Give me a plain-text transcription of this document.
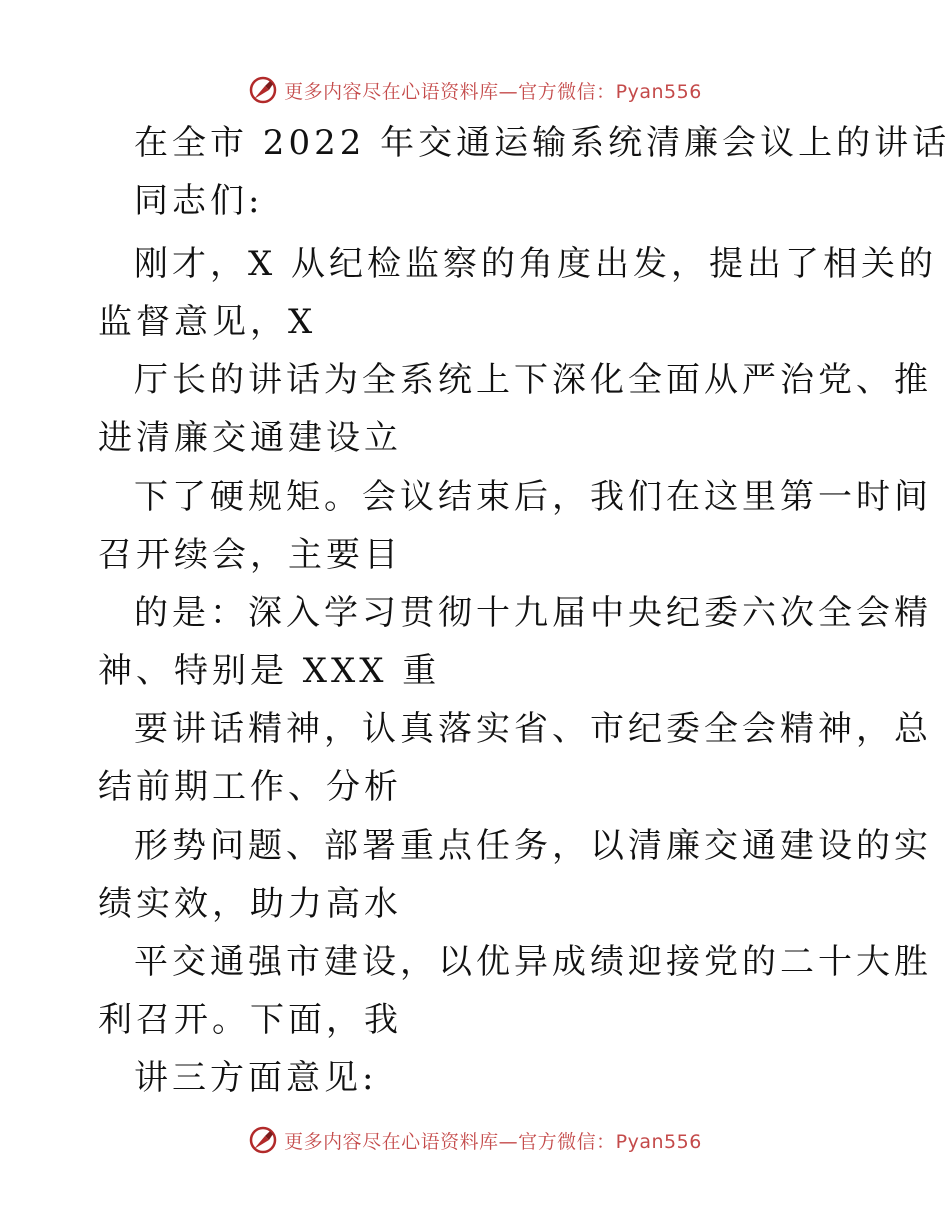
更多内容尽在心语资料库—官方微信：Pyan556
在全市 2022 年交通运输系统清廉会议上的讲话
同志们:
刚才，X 从纪检监察的角度出发，提出了相关的
监督意见，X
厅长的讲话为全系统上下深化全面从严治党、推
进清廉交通建设立
下了硬规矩。会议结束后，我们在这里第一时间
召开续会，主要目
的是：深入学习贯彻十九届中央纪委六次全会精
神、特别是 XXX 重
要讲话精神，认真落实省、市纪委全会精神，总
结前期工作、分析
形势问题、部署重点任务，以清廉交通建设的实
绩实效，助力高水
平交通强市建设，以优异成绩迎接党的二十大胜
利召开。下面，我
讲三方面意见:
更多内容尽在心语资料库—官方微信：Pyan556
